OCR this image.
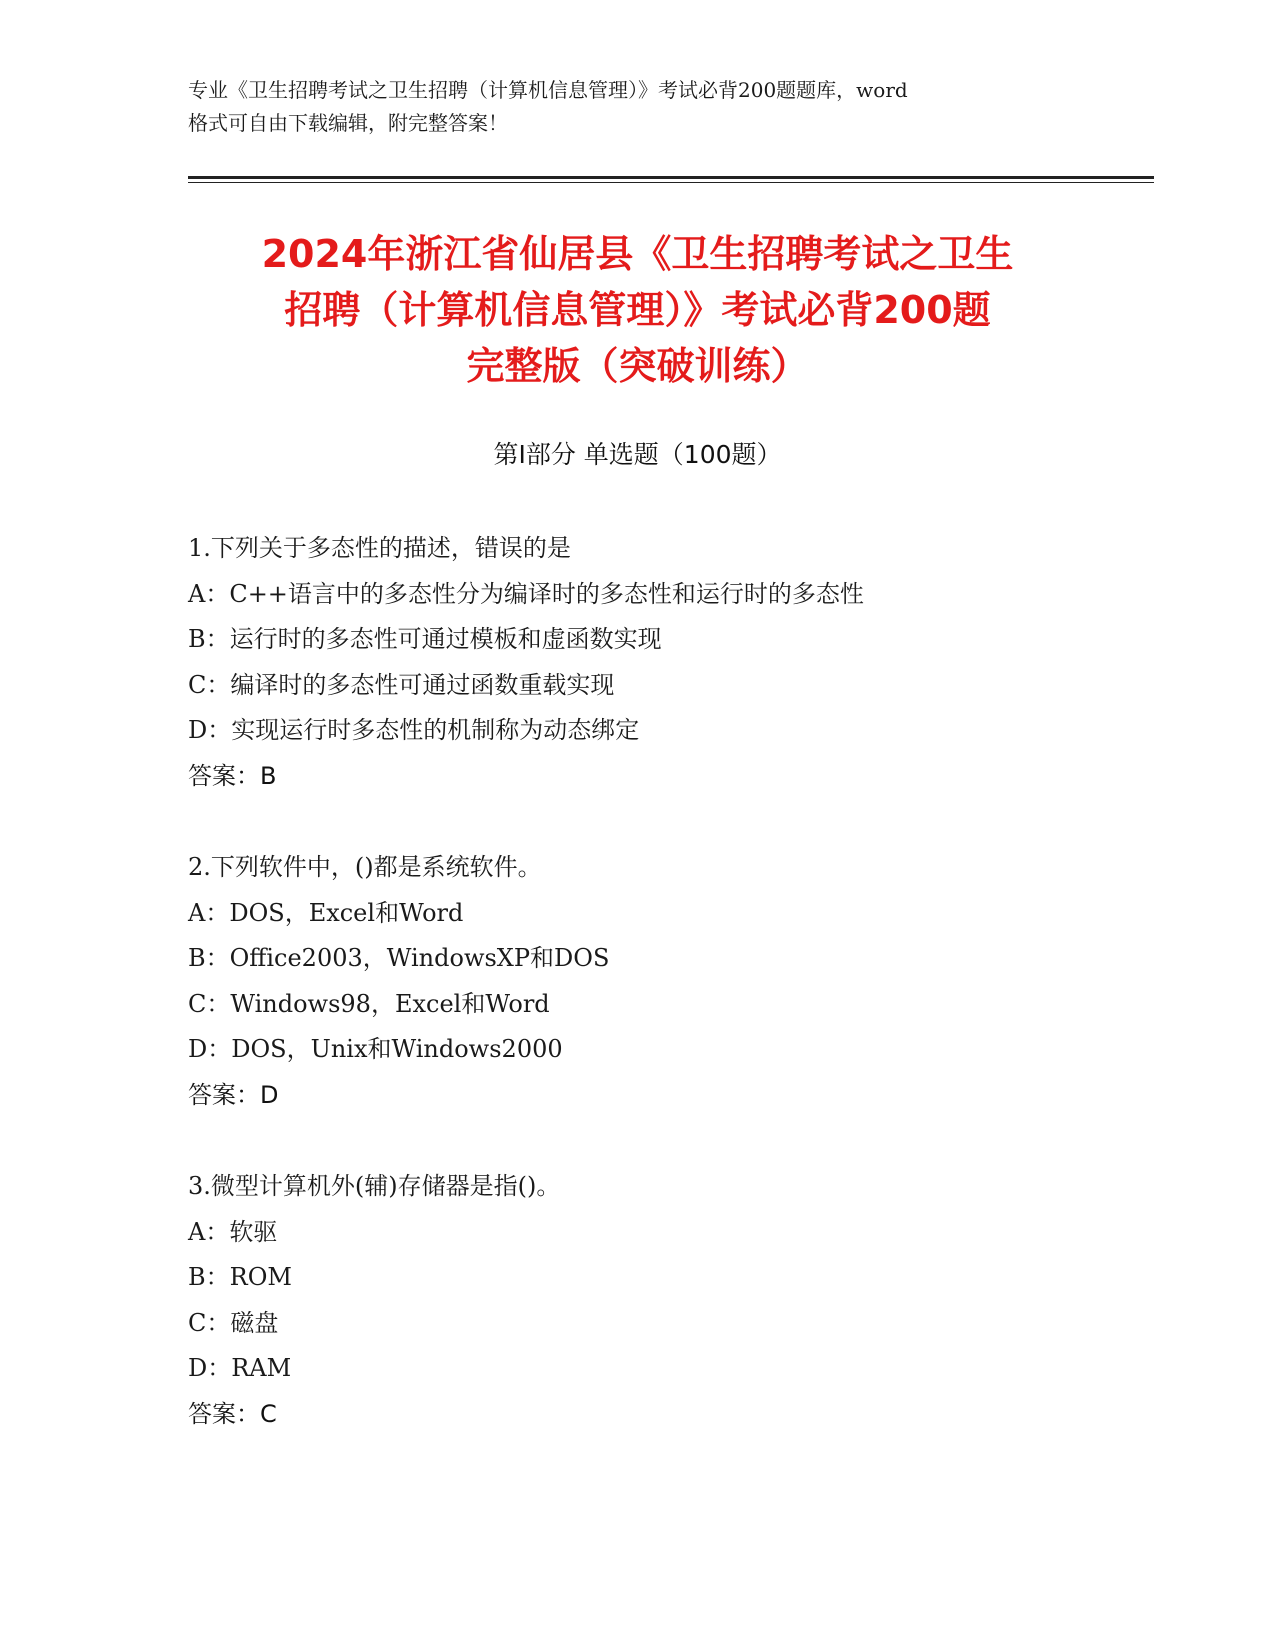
专业《卫生招聘考试之卫生招聘（计算机信息管理）》考试必背200题题库，word
格式可自由下载编辑，附完整答案！
2024年浙江省仙居县《卫生招聘考试之卫生
招聘（计算机信息管理）》考试必背200题
完整版（突破训练）
第Ⅰ部分 单选题（100题）
1.下列关于多态性的描述，错误的是
A：C++语言中的多态性分为编译时的多态性和运行时的多态性
B：运行时的多态性可通过模板和虚函数实现
C：编译时的多态性可通过函数重载实现
D：实现运行时多态性的机制称为动态绑定
答案：B
2.下列软件中，()都是系统软件。
A：DOS，Excel和Word
B：Office2003，WindowsXP和DOS
C：Windows98，Excel和Word
D：DOS，Unix和Windows2000
答案：D
3.微型计算机外(辅)存储器是指()。
A：软驱
B：ROM
C：磁盘
D：RAM
答案：C
